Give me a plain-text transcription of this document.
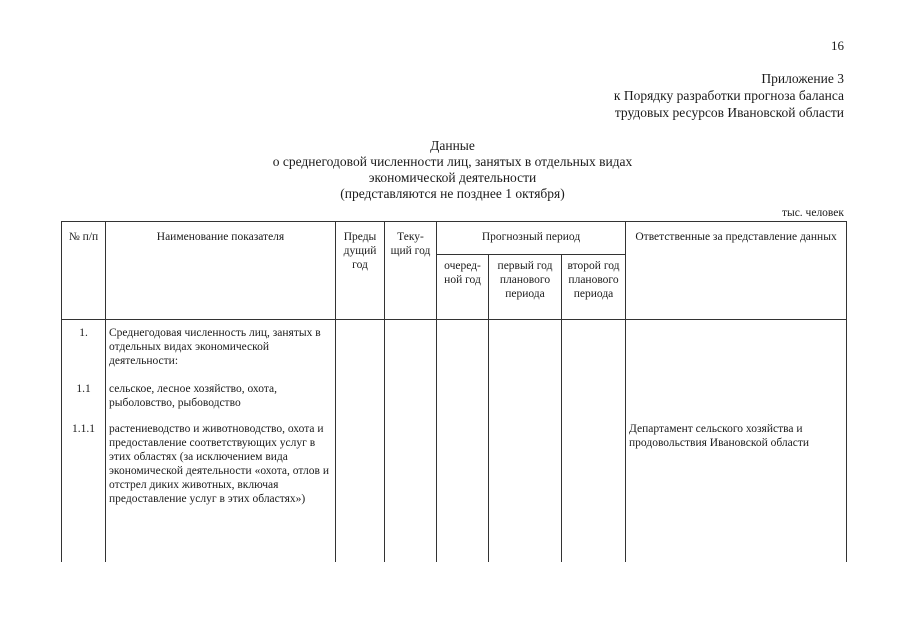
16
Приложение 3
к Порядку разработки прогноза баланса
трудовых ресурсов Ивановской области
Данные
о среднегодовой численности лиц, занятых в отдельных видах
экономической деятельности
(представляются не позднее 1 октября)
тыс. человек
№ п/п	Наименование показателя	Преды дущий год	Теку- щий год	Прогнозный период			Ответственные за представление данных
				очеред- ной год	первый год планового периода	второй год планового периода	
1.	Среднегодовая численность лиц, занятых в отдельных видах экономической деятельности:						
1.1	сельское, лесное хозяйство, охота, рыболовство, рыбоводство						
1.1.1	растениеводство и животноводство, охота и предоставление соответствующих услуг в этих областях (за исключением вида экономической деятельности «охота, отлов и отстрел диких животных, включая предоставление услуг в этих областях»)						Департамент сельского хозяйства и продовольствия Ивановской области
